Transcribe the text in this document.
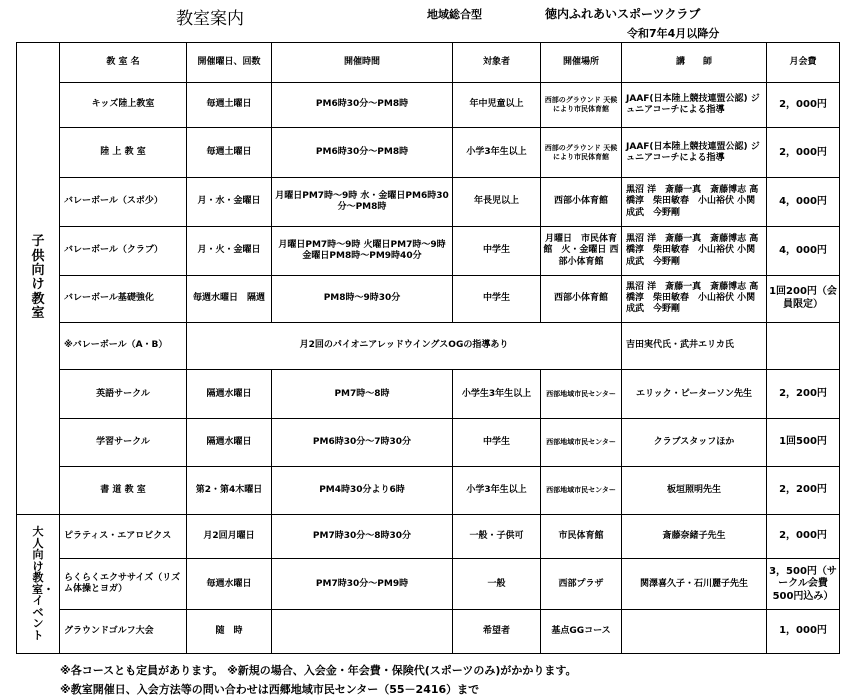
教室案内	地域総合型	徳内ふれあいスポーツクラブ
令和7年4月以降分
子供向け教室	教 室 名	開催曜日、回数	開催時間	対象者	開催場所	講　　師	月会費
	キッズ陸上教室	毎週土曜日	PM6時30分～PM8時	年中児童以上	西部のグラウンド 天候により市民体育館	JAAF(日本陸上競技連盟公認) ジュニアコーチによる指導	2，000円
	陸 上 教 室	毎週土曜日	PM6時30分～PM8時	小学3年生以上	西部のグラウンド 天候により市民体育館	JAAF(日本陸上競技連盟公認) ジュニアコーチによる指導	2，000円
	バレーボール（スポ少）	月・水・金曜日	月曜日PM7時～9時 水・金曜日PM6時30分～PM8時	年長児以上	西部小体育館	黒沼 洋　斎藤一真　斎藤博志 高橋淳　柴田敏春　小山裕伏 小関成武　今野剛	4，000円
	バレーボール（クラブ）	月・火・金曜日	月曜日PM7時～9時 火曜日PM7時～9時 金曜日PM8時～PM9時40分	中学生	月曜日　市民体育館　火・金曜日 西部小体育館	黒沼 洋　斎藤一真　斎藤博志 高橋淳　柴田敏春　小山裕伏 小関成武　今野剛	4，000円
	バレーボール基礎強化	毎週水曜日　隔週	PM8時～9時30分	中学生	西部小体育館	黒沼 洋　斎藤一真　斎藤博志 高橋淳　柴田敏春　小山裕伏 小関成武　今野剛	1回200円（会員限定）
	※バレーボール（A・B）	月2回のパイオニアレッドウイングスOGの指導あり				吉田実代氏・武井エリカ氏	
	英語サークル	隔週水曜日	PM7時～8時	小学生3年生以上	西部地域市民センター	エリック・ピーターソン先生	2，200円
	学習サークル	隔週水曜日	PM6時30分～7時30分	中学生	西部地域市民センター	クラブスタッフほか	1回500円
	書 道 教 室	第2・第4木曜日	PM4時30分より6時	小学3年生以上	西部地域市民センター	板垣照明先生	2，200円

大人向け教室・イベント	ピラティス・エアロビクス	月2回月曜日	PM7時30分～8時30分	一般・子供可	市民体育館	斎藤奈緒子先生	2，000円
	らくらくエクササイズ（リズム体操とヨガ）	毎週水曜日	PM7時30分～PM9時	一般	西部プラザ	関澤喜久子・石川麗子先生	3，500円（サークル会費500円込み）
	グラウンドゴルフ大会	随　時		希望者	基点GGコース		1，000円
※各コースとも定員があります。 ※新規の場合、入会金・年会費・保険代(スポーツのみ)がかかります。
※教室開催日、入会方法等の問い合わせは西郷地域市民センター（55－2416）まで
